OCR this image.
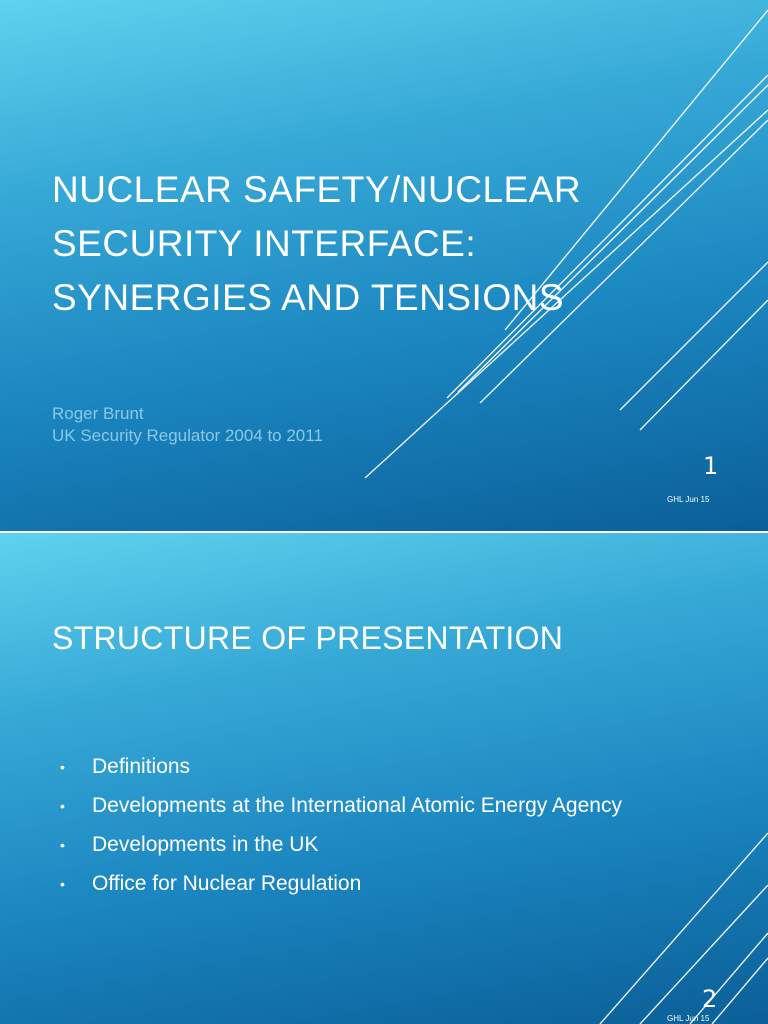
NUCLEAR SAFETY/NUCLEAR
SECURITY INTERFACE:
SYNERGIES AND TENSIONS
Roger Brunt
UK Security Regulator 2004 to 2011
1
GHL Jun 15
STRUCTURE OF PRESENTATION
•	Definitions
•	Developments at the International Atomic Energy Agency
•	Developments in the UK
•	Office for Nuclear Regulation
2
GHL Jun 15
